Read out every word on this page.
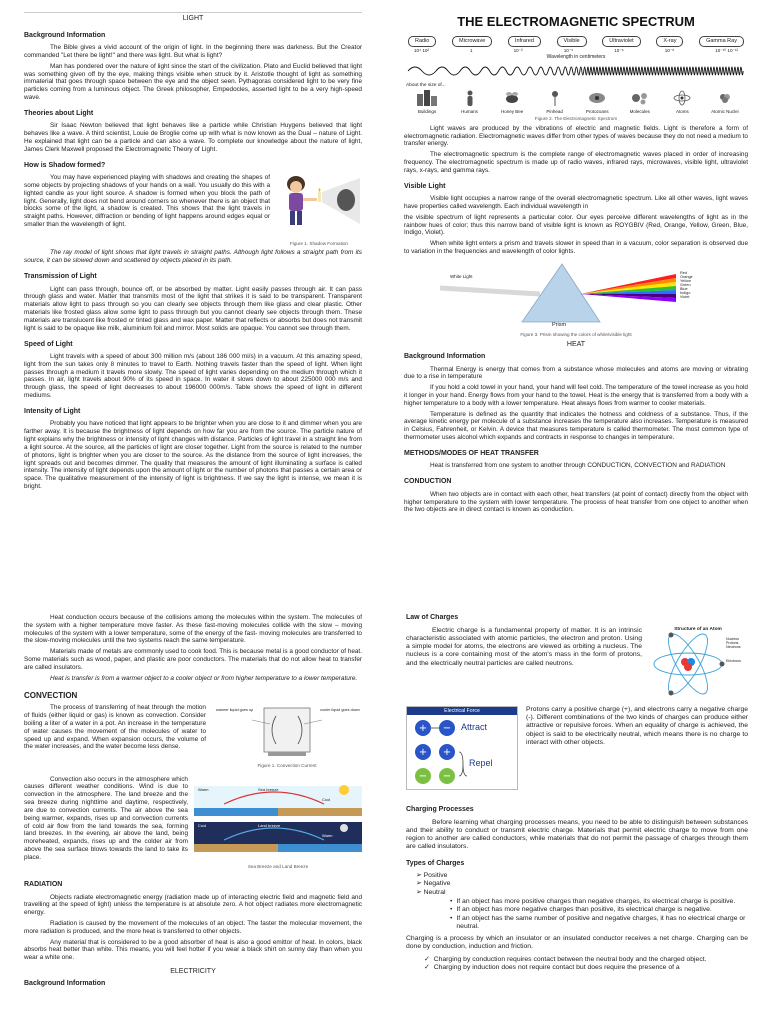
LIGHT
Background Information

The Bible gives a vivid account of the origin of light. In the beginning there was darkness. But the Creator commanded "Let there be light!" and there was light. But what is light?

Man has pondered over the nature of light since the start of the civilization. Plato and Euclid believed that light was something given off by the eye, making things visible when struck by it. Aristotle thought of light as something immaterial that goes through space between the eye and the object seen. Pythagoras considered light to be very fine particles coming from a luminous object. The Greek philosopher, Empedocles, asserted light to be a very high-speed wave.

Theories about Light

Sir Isaac Newton believed that light behaves like a particle while Christian Huygens believed that light behaves like a wave. A third scientist, Louie de Broglie come up with what is now known as the Dual – nature of Light. He explained that light can be a particle and can also a wave. To complete our knowledge about the nature of light, James Clerk Maxwell proposed the Electromagnetic Theory of Light.

How is Shadow formed?

You may have experienced playing with shadows and creating the shapes of some objects by projecting shadows of your hands on a wall. You usually do this with a lighted candle as your light source. A shadow is formed when you block the path of light. Generally, light does not bend around corners so whenever there is an object that blocks some of the light, a shadow is created. This shows that the light travels in straight paths. However, diffraction or bending of light happens around edges equal or smaller than the wavelength of light.

Figure 1. Shadow Formation

The ray model of light shows that light travels in straight paths. Although light follows a straight path from its source, it can be slowed down and scattered by objects placed in its path.

Transmission of Light

Light can pass through, bounce off, or be absorbed by matter. Light easily passes through air. It can pass through glass and water. Matter that transmits most of the light that strikes it is said to be transparent. Transparent materials allow light to pass through so you can clearly see objects through them like glass and clear plastic. Other materials like frosted glass allow some light to pass through but you cannot clearly see objects through them. These materials are translucent like frosted or tinted glass and wax paper. Matter that reflects or absorbs but does not transmit light is said to be opaque like milk, aluminium foil and mirror. Most solids are opaque. You cannot see through them.

Speed of Light

Light travels with a speed of about 300 million m/s (about 186 000 mi/s) in a vacuum. At this amazing speed, light from the sun takes only 8 minutes to travel to Earth. Nothing travels faster than the speed of light. When light passes through a medium it travels more slowly. The speed of light varies depending on the medium through which it passes. In air, light travels about 90% of its speed in space. In water it slows down to about 225000 000 m/s and through glass, the speed of light decreases to about 196000 000m/s. Table shows the speed of light in different mediums.

Intensity of Light

Probably you have noticed that light appears to be brighter when you are close to it and dimmer when you are farther away. It is because the brightness of light depends on how far you are from the source. The particle nature of light explains why the brightness or intensity of light changes with distance. Particles of light travel in a straight line from a light source. At the source, all the particles of light are closer together. Light from the source is related to the number of photons, light is brighter when you are closer to the source. As the distance from the source of light increases, the light spreads out and becomes dimmer. The quality that measures the amount of light illuminating a surface is called intensity. The intensity of light depends upon the amount of light or the number of photons that passes a certain area or space. The qualitative measurement of the intensity of light is brightness. If we say the light is intense, we mean it is bright.

THE ELECTROMAGNETIC SPECTRUM
Radio	Microwave	Infrared	Visible	Ultraviolet	X-ray	Gamma Ray
10⁴ 10²	1	10⁻²	10⁻⁵	10⁻⁶	10⁻⁸	10⁻¹⁰ 10⁻¹²
Wavelength in centimeters
About the size of...
Buildings	Humans	Honey Bee	Pinhead	Protozoans	Molecules	Atoms	Atomic Nuclei
Figure 2. The Electromagnetic Spectrum

Light waves are produced by the vibrations of electric and magnetic fields. Light is therefore a form of electromagnetic radiation. Electromagnetic waves differ from other types of waves because they do not need a medium to transfer energy.

The electromagnetic spectrum is the complete range of electromagnetic waves placed in order of increasing frequency. The electromagnetic spectrum is made up of radio waves, infrared rays, microwaves, visible light, ultraviolet rays, x-rays, and gamma rays.

Visible Light

Visible light occupies a narrow range of the overall electromagnetic spectrum. Like all other waves, light waves have properties called wavelength. Each individual wavelength in

the visible spectrum of light represents a particular color. Our eyes perceive different wavelengths of light as in the rainbow hues of color; thus this narrow band of visible light is known as ROYGBIV (Red, Orange, Yellow, Green, Blue, Indigo, Violet).

When white light enters a prism and travels slower in speed than in a vacuum, color separation is observed due to variation in the frequencies and wavelength of color lights.

White Light
Prism
Red
Orange
Yellow
Green
Blue
Indigo
Violet
Figure 3. Prism showing the colors of white/visible light
HEAT
Background Information

Thermal Energy is energy that comes from a substance whose molecules and atoms are moving or vibrating due to a rise in temperature

If you hold a cold towel in your hand, your hand will feel cold. The temperature of the towel increase as you hold it longer in your hand. Energy flows from your hand to the towel. Heat is the energy that is transferred from a body with a higher temperature to a body with a lower temperature. Heat always flows from warmer to cooler materials.

Temperature is defined as the quantity that indicates the hotness and coldness of a substance. Thus, if the average kinetic energy per molecule of a substance increases the temperature also increases. Temperature is measured in Celsius, Fahrenheit, or Kelvin. A device that measures temperature is called thermometer. The most common type of thermometer uses alcohol which expands and contracts in response to changes in temperature.

METHODS/MODES OF HEAT TRANSFER

Heat is transferred from one system to another through CONDUCTION, CONVECTION and RADIATION

CONDUCTION

When two objects are in contact with each other, heat transfers (at point of contact) directly from the object with higher temperature to the system with lower temperature. The process of heat transfer from one object to another when the two objects are in direct contact is known as conduction.

Heat conduction occurs because of the collisions among the molecules within the system. The molecules of the system with a higher temperature move faster. As these fast-moving molecules collide with the slow – moving molecules of the system with a lower temperature, some of the energy of the fast- moving molecules are transferred to the slow-moving molecules until the two systems reach the same temperature.

Materials made of metals are commonly used to cook food. This is because metal is a good conductor of heat. Some materials such as wood, paper, and plastic are poor conductors. The materials that do not allow heat to transfer are called insulators.

Heat is transfer is from a warmer object to a cooler object or from higher temperature to a lower temperature.

CONVECTION

The process of transferring of heat through the motion of fluids (either liquid or gas) is known as convection. Consider boiling a liter of a water in a pot. An increase in the temperature of water causes the movement of the molecules of water to speed up and expand. When expansion occurs, the volume of the water increases, and the water become less dense.

warmer liquid goes up	cooler liquid goes down
Figure 1. Convection Current

Convection also occurs in the atmosphere which causes different weather conditions. Wind is due to convection in the atmosphere. The land breeze and the sea breeze during nighttime and daytime, respectively, are due to convection currents. The air above the sea being warmer, expands, rises up and convection currents of cold air flow from the land towards the sea, forming land breezes. In the evening, air above the land, being moreheated, expands, rises up and the colder air from above the sea surface blows towards the land to take its place.

Warm	Sea breeze
Cool
Cool	Land breeze
Warm
Sea Breeze and Land Breeze
RADIATION

Objects radiate electromagnetic energy (radiation made up of interacting electric field and magnetic field and travelling at the speed of light) unless the temperature is at absolute zero. A hot object radiates more electromagnetic energy.

Radiation is caused by the movement of the molecules of an object. The faster the molecular movement, the more radiation is produced, and the more heat is transferred to other objects.

Any material that is considered to be a good absorber of heat is also a good emittor of heat. In colors, black absorbs heat better than white. This means, you will feel hotter if you wear a black shirt on sunny day than when you wear a white one.

ELECTRICITY
Background Information
Law of Charges

Electric charge is a fundamental property of matter. It is an intrinsic characteristic associated with atomic particles, the electron and proton. Using a simple model for atoms, the electrons are viewed as orbiting a nucleus. The nucleus is a core containing most of the atom's mass in the form of protons, and the electrically neutral particles are called neutrons.

Structure of an Atom
Nucleus
Protons
Neutrons
Electrons
Electrical Force
+ −
+ +
− −
Attract
Repel

Protons carry a positive charge (+), and electrons carry a negative charge (-). Different combinations of the two kinds of charges can produce either attractive or repulsive forces. When an equality of charge is achieved, the object is said to be electrically neutral, which means there is no charge to interact with other objects.

Charging Processes

Before learning what charging processes means, you need to be able to distinguish between substances and their ability to conduct or transmit electric charge. Materials that permit electric charge to move from one region to another are called conductors, while materials that do not permit the passage of charges through them are called insulators.

Types of Charges
➢ Positive
➢ Negative
➢ Neutral
• If an object has more positive charges than negative charges, its electrical charge is positive.
• If an object has more negative charges than positive, its electrical charge is negative.
• If an object has the same number of positive and negative charges, it has no electrical charge or neutral.

Charging is a process by which an insulator or an insulated conductor receives a net charge. Charging can be done by conduction, induction and friction.

✓ Charging by conduction requires contact between the neutral body and the charged object.
✓ Charging by induction does not require contact but does require the presence of a
